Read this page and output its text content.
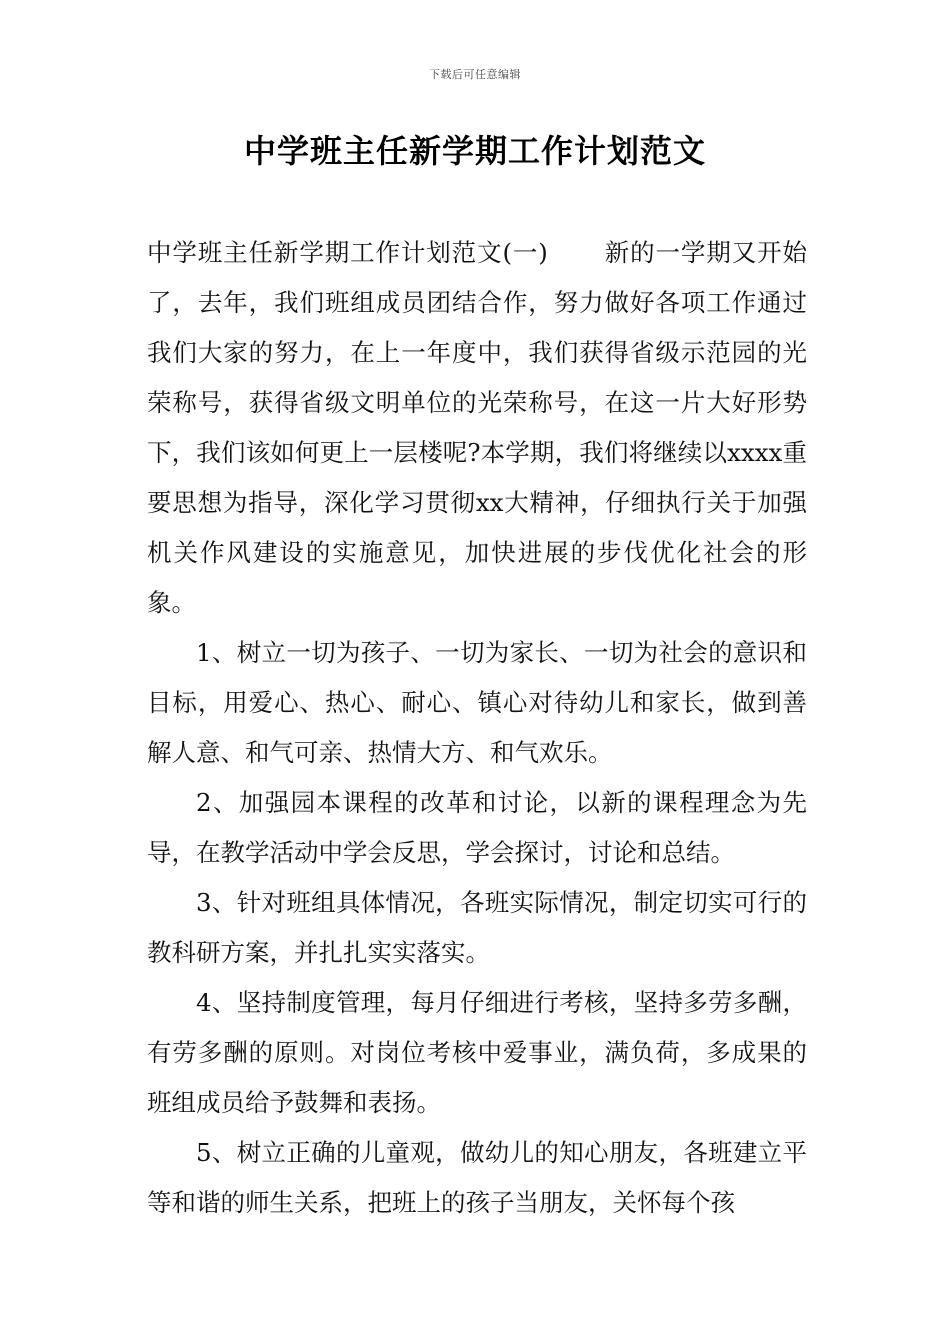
下载后可任意编辑
中学班主任新学期工作计划范文

中学班主任新学期工作计划范文(一) 新的一学期又开始了，去年，我们班组成员团结合作，努力做好各项工作通过我们大家的努力，在上一年度中，我们获得省级示范园的光荣称号，获得省级文明单位的光荣称号，在这一片大好形势下，我们该如何更上一层楼呢?本学期，我们将继续以xxxx重要思想为指导，深化学习贯彻xx大精神，仔细执行关于加强机关作风建设的实施意见，加快进展的步伐优化社会的形象。

1、树立一切为孩子、一切为家长、一切为社会的意识和目标，用爱心、热心、耐心、镇心对待幼儿和家长，做到善解人意、和气可亲、热情大方、和气欢乐。

2、加强园本课程的改革和讨论，以新的课程理念为先导，在教学活动中学会反思，学会探讨，讨论和总结。

3、针对班组具体情况，各班实际情况，制定切实可行的教科研方案，并扎扎实实落实。

4、坚持制度管理，每月仔细进行考核，坚持多劳多酬，有劳多酬的原则。对岗位考核中爱事业，满负荷，多成果的班组成员给予鼓舞和表扬。

5、树立正确的儿童观，做幼儿的知心朋友，各班建立平等和谐的师生关系，把班上的孩子当朋友，关怀每个孩
